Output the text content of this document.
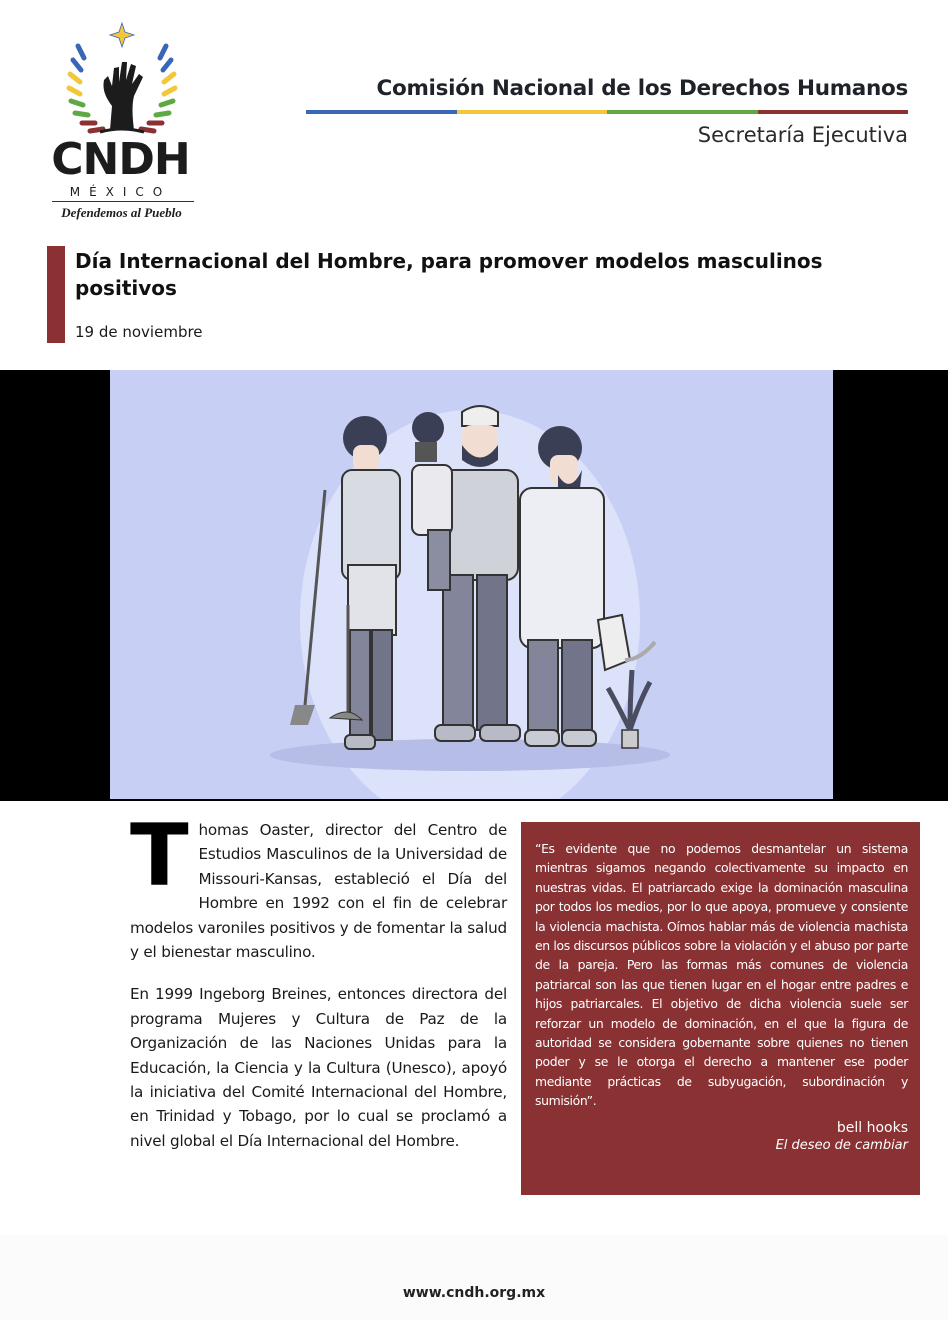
CNDH
MÉXICO
Defendemos al Pueblo
Comisión Nacional de los Derechos Humanos
Secretaría Ejecutiva
Día Internacional del Hombre, para promover modelos masculinos positivos
19 de noviembre

Thomas Oaster, director del Centro de Estudios Masculinos de la Universidad de Missouri-Kansas, estableció el Día del Hombre en 1992 con el fin de celebrar modelos varoniles positivos y de fomentar la salud y el bienestar masculino.

En 1999 Ingeborg Breines, entonces directora del programa Mujeres y Cultura de Paz de la Organización de las Naciones Unidas para la Educación, la Ciencia y la Cultura (Unesco), apoyó la iniciativa del Comité Internacional del Hombre, en Trinidad y Tobago, por lo cual se proclamó a nivel global el Día Internacional del Hombre.

“Es evidente que no podemos desmantelar un sistema mientras sigamos negando colectivamente su impacto en nuestras vidas. El patriarcado exige la dominación masculina por todos los medios, por lo que apoya, promueve y consiente la violencia machista. Oímos hablar más de violencia machista en los discursos públicos sobre la violación y el abuso por parte de la pareja. Pero las formas más comunes de violencia patriarcal son las que tienen lugar en el hogar entre padres e hijos patriarcales. El objetivo de dicha violencia suele ser reforzar un modelo de dominación, en el que la figura de autoridad se considera gobernante sobre quienes no tienen poder y se le otorga el derecho a mantener ese poder mediante prácticas de subyugación, subordinación y sumisión”.

bell hooks
El deseo de cambiar
www.cndh.org.mx
